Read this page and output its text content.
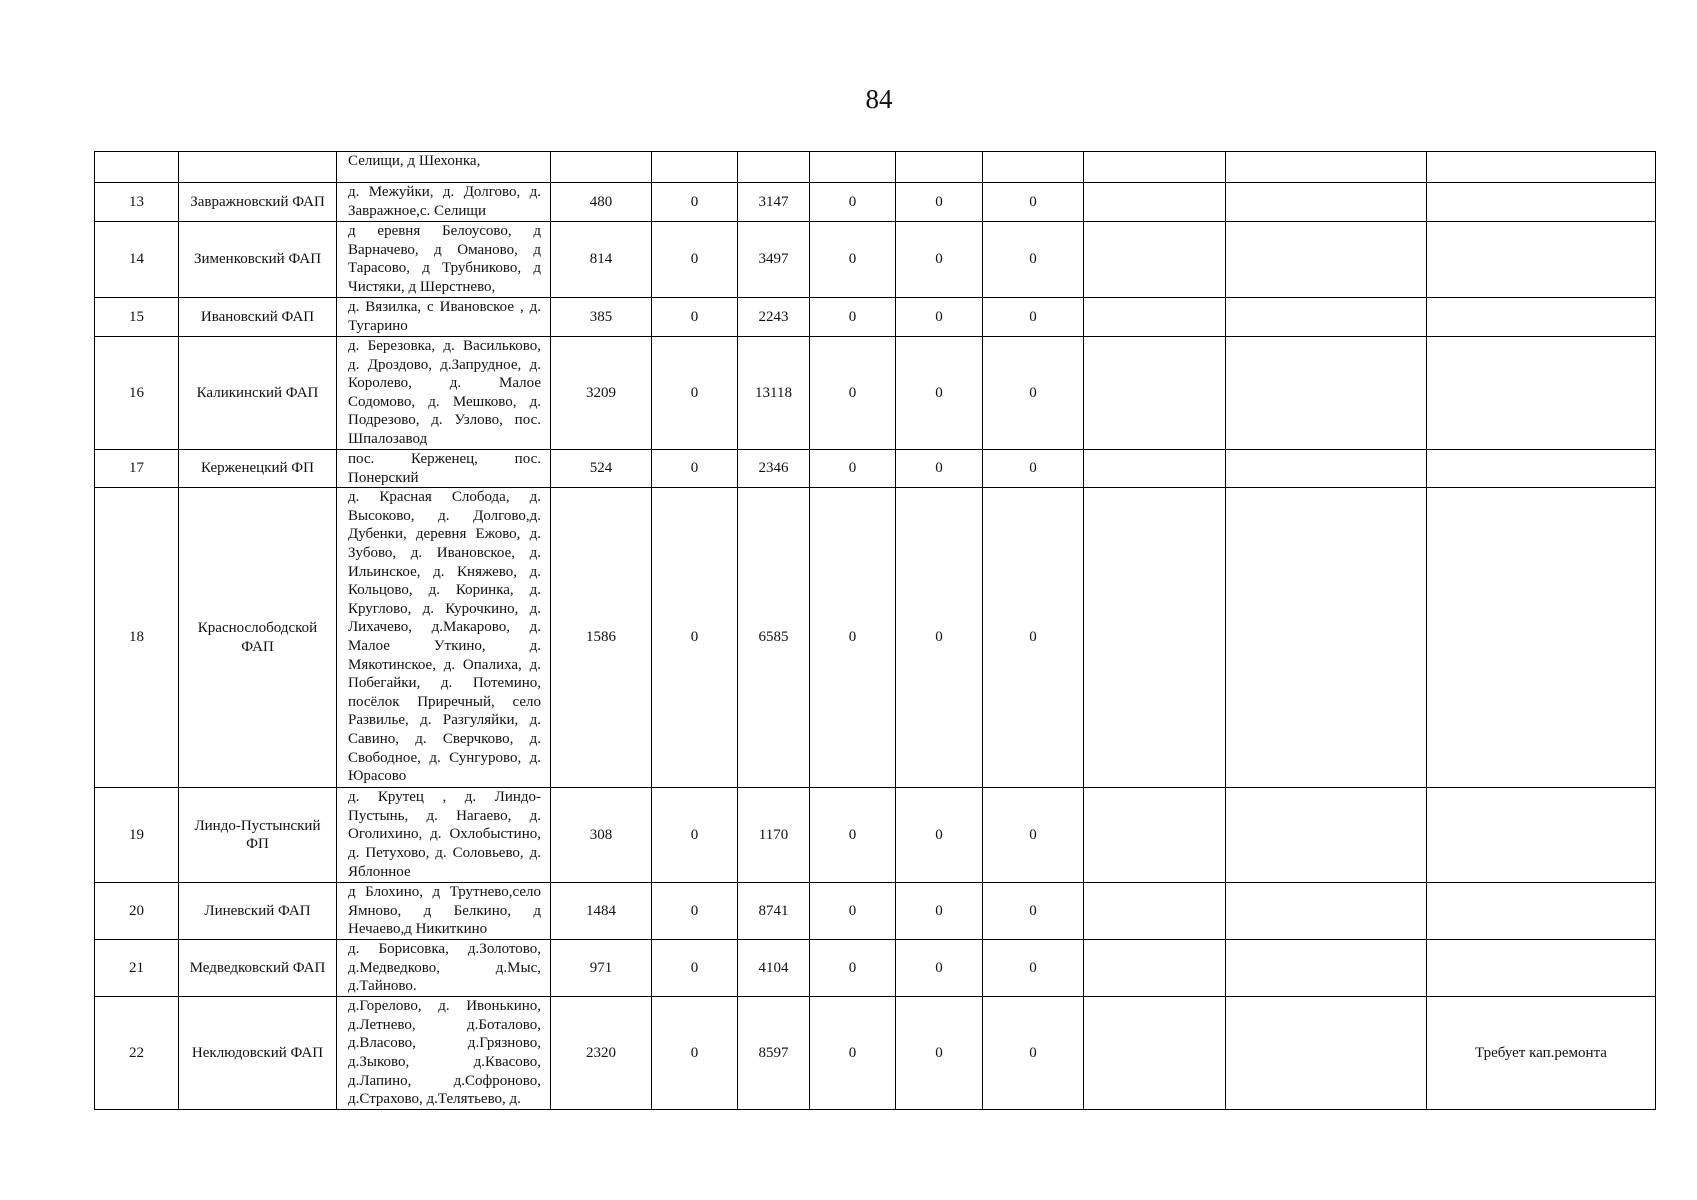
84
		Селищи, д Шехонка,									
13	Завражновский ФАП	д. Межуйки, д. Долгово, д. Завражное,с. Селищи	480	0	3147	0	0	0			
14	Зименковский ФАП	д еревня Белоусово, д Варначево, д Оманово, д Тарасово, д Трубниково, д Чистяки, д Шерстнево,	814	0	3497	0	0	0			
15	Ивановский ФАП	д. Вязилка, с Ивановское , д. Тугарино	385	0	2243	0	0	0			
16	Каликинский ФАП	д. Березовка, д. Васильково, д. Дроздово, д.Запрудное, д. Королево, д. Малое Содомово, д. Мешково, д. Подрезово, д. Узлово, пос. Шпалозавод	3209	0	13118	0	0	0			
17	Керженецкий ФП	пос. Керженец, пос. Понерский	524	0	2346	0	0	0			
18	Краснослободской ФАП	д. Красная Слобода, д. Высоково, д. Долгово,д. Дубенки, деревня Ежово, д. Зубово, д. Ивановское, д. Ильинское, д. Княжево, д. Кольцово, д. Коринка, д. Круглово, д. Курочкино, д. Лихачево, д.Макарово, д. Малое Уткино, д. Мякотинское, д. Опалиха, д. Побегайки, д. Потемино, посёлок Приречный, село Развилье, д. Разгуляйки, д. Савино, д. Сверчково, д. Свободное, д. Сунгурово, д. Юрасово	1586	0	6585	0	0	0			
19	Линдо-Пустынский ФП	д. Крутец , д. Линдо-Пустынь, д. Нагаево, д. Оголихино, д. Охлобыстино, д. Петухово, д. Соловьево, д. Яблонное	308	0	1170	0	0	0			
20	Линевский ФАП	д Блохино, д Трутнево,село Ямново, д Белкино, д Нечаево,д Никиткино	1484	0	8741	0	0	0			
21	Медведковский ФАП	д. Борисовка, д.Золотово, д.Медведково, д.Мыс, д.Тайново.	971	0	4104	0	0	0			
22	Неклюдовский ФАП	д.Горелово, д. Ивонькино, д.Летнево, д.Боталово, д.Власово, д.Грязново, д.Зыково, д.Квасово, д.Лапино, д.Софроново, д.Страхово, д.Телятьево, д.	2320	0	8597	0	0	0			Требует кап.ремонта
